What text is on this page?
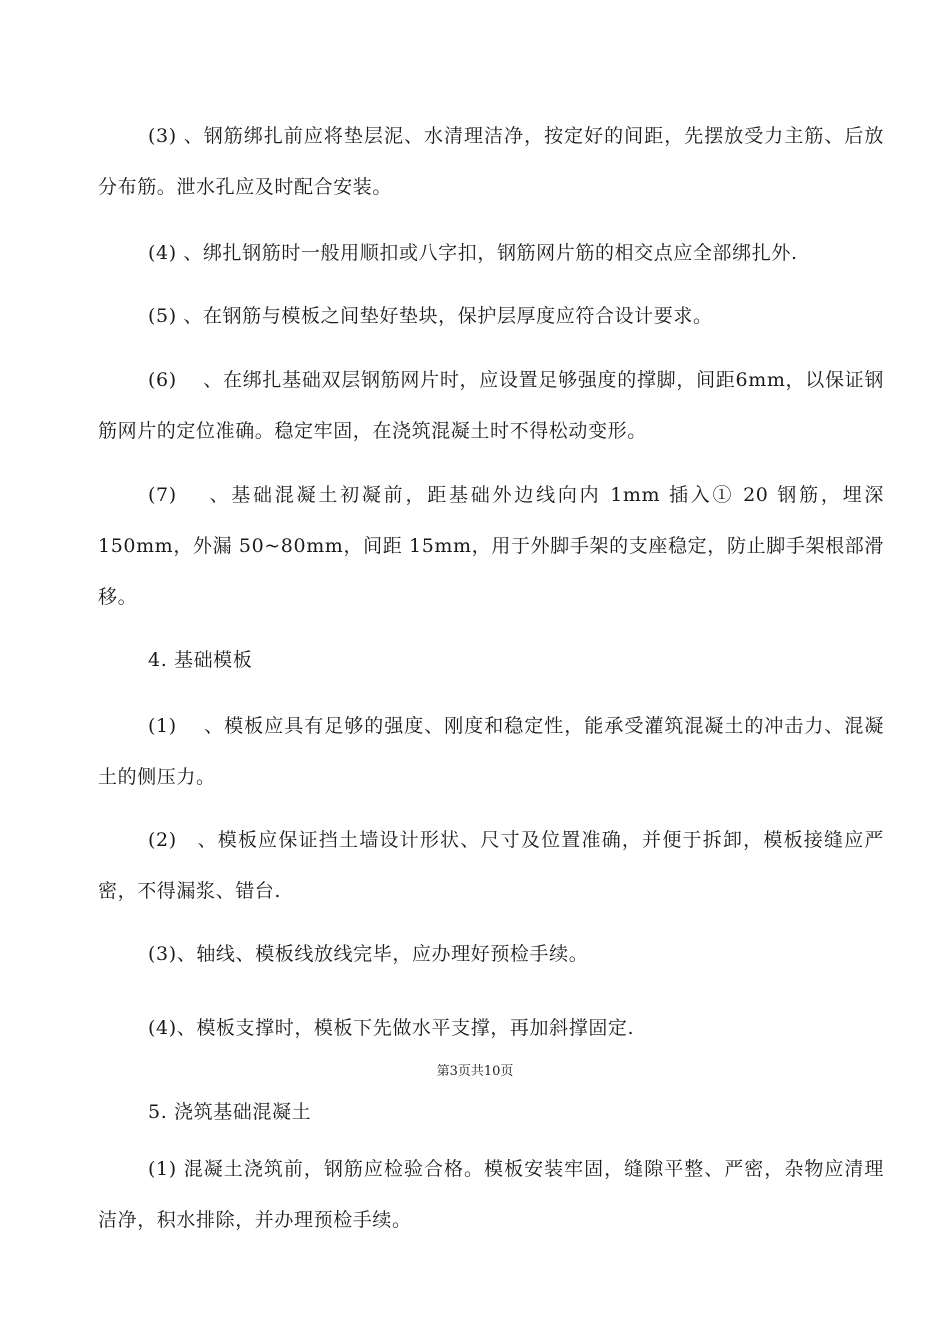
(3) 、钢筋绑扎前应将垫层泥、水清理洁净，按定好的间距，先摆放受力主筋、后放分布筋。泄水孔应及时配合安装。

(4) 、绑扎钢筋时一般用顺扣或八字扣，钢筋网片筋的相交点应全部绑扎外.

(5) 、在钢筋与模板之间垫好垫块，保护层厚度应符合设计要求。

(6)　 、在绑扎基础双层钢筋网片时，应设置足够强度的撑脚，间距6mm，以保证钢筋网片的定位准确。稳定牢固，在浇筑混凝土时不得松动变形。

(7)　 、基础混凝土初凝前，距基础外边线向内 1mm 插入① 20 钢筋，埋深150mm，外漏 50~80mm，间距 15mm，用于外脚手架的支座稳定，防止脚手架根部滑移。

4. 基础模板

(1)　 、模板应具有足够的强度、刚度和稳定性，能承受灌筑混凝土的冲击力、混凝土的侧压力。

(2)　、模板应保证挡土墙设计形状、尺寸及位置准确，并便于拆卸，模板接缝应严密，不得漏浆、错台.

(3)、轴线、模板线放线完毕，应办理好预检手续。

(4)、模板支撑时，模板下先做水平支撑，再加斜撑固定.

第3页共10页

5. 浇筑基础混凝土

(1) 混凝土浇筑前，钢筋应检验合格。模板安装牢固，缝隙平整、严密，杂物应清理洁净，积水排除，并办理预检手续。
